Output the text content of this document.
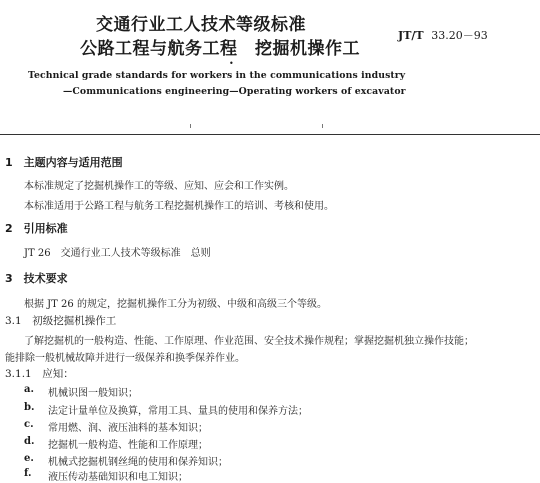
交通行业工人技术等级标准
公路工程与航务工程　挖掘机操作工
JT/T 33.20－93
•
Technical grade standards for workers in the communications industry
—Communications engineering—Operating workers of excavator
1　主题内容与适用范围
本标准规定了挖掘机操作工的等级、应知、应会和工作实例。
本标准适用于公路工程与航务工程挖掘机操作工的培训、考核和使用。
2　引用标准
JT 26　交通行业工人技术等级标准　总则
3　技术要求
根据 JT 26 的规定，挖掘机操作工分为初级、中级和高级三个等级。
3.1　初级挖掘机操作工
了解挖掘机的一般构造、性能、工作原理、作业范围、安全技术操作规程；掌握挖掘机独立操作技能；
能排除一般机械故障并进行一级保养和换季保养作业。
3.1.1　应知：
a. 机械识图一般知识；
b. 法定计量单位及换算，常用工具、量具的使用和保养方法；
c. 常用燃、润、液压油料的基本知识；
d. 挖掘机一般构造、性能和工作原理；
e. 机械式挖掘机钢丝绳的使用和保养知识；
f. 液压传动基础知识和电工知识；
